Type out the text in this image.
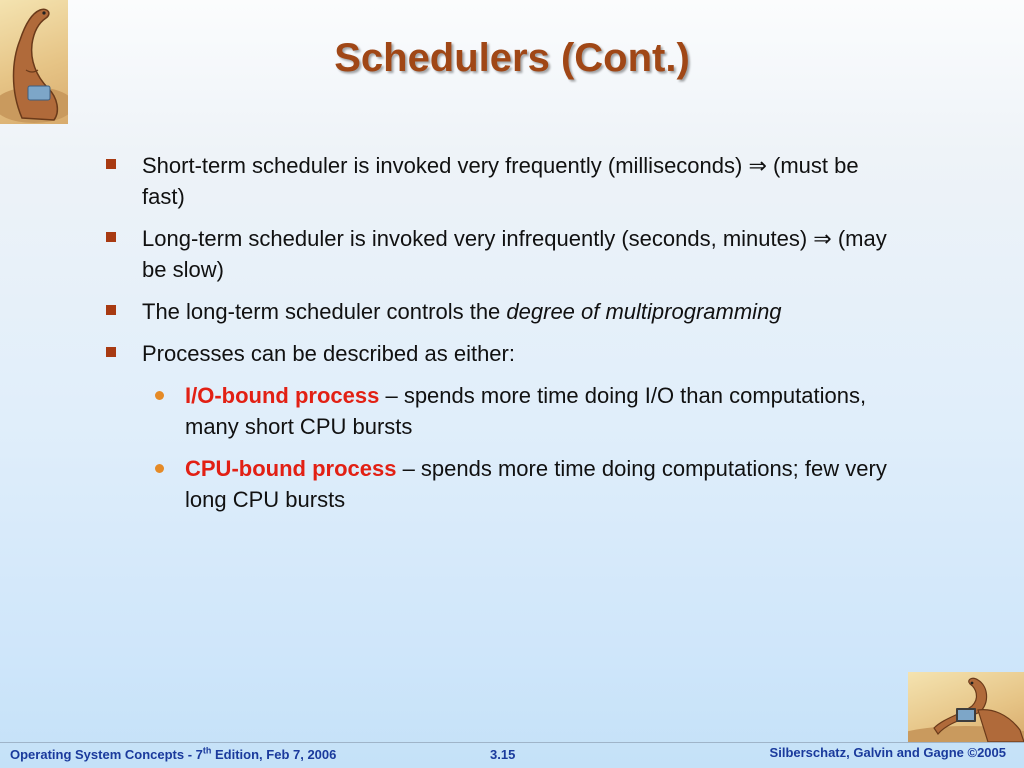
Schedulers (Cont.)
Short-term scheduler is invoked very frequently (milliseconds) ⇒ (must be fast)
Long-term scheduler is invoked very infrequently (seconds, minutes) ⇒ (may be slow)
The long-term scheduler controls the degree of multiprogramming
Processes can be described as either:
I/O-bound process – spends more time doing I/O than computations, many short CPU bursts
CPU-bound process – spends more time doing computations; few very long CPU bursts
Operating System Concepts - 7th Edition, Feb 7, 2006	3.15	Silberschatz, Galvin and Gagne ©2005
